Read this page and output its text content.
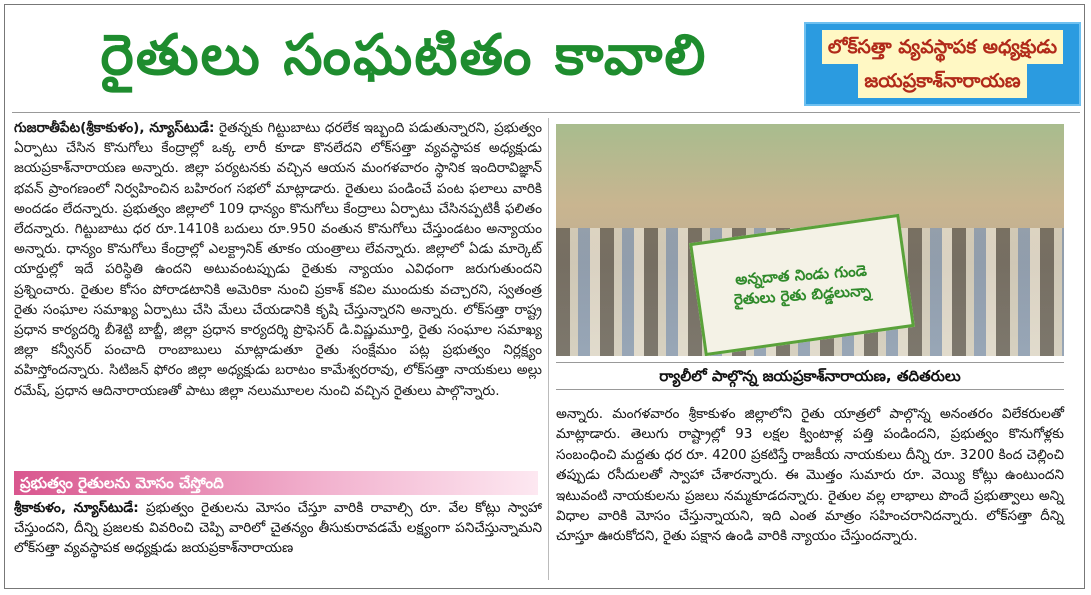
రైతులు సంఘటితం కావాలి	లోక్‌సత్తా వ్యవస్థాపక అధ్యక్షుడు
జయప్రకాశ్‌నారాయణ

గుజరాతీపేట(శ్రీకాకుళం), న్యూస్‌టుడే: రైతన్నకు గిట్టుబాటు ధరలేక ఇబ్బంది పడుతున్నారని, ప్రభుత్వం ఏర్పాటు చేసిన కొనుగోలు కేంద్రాల్లో ఒక్క లారీ కూడా కొనలేదని లోక్‌సత్తా వ్యవస్థాపక అధ్యక్షుడు జయప్రకాశ్‌నారాయణ అన్నారు. జిల్లా పర్యటనకు వచ్చిన ఆయన మంగళవారం స్థానిక ఇందిరావిజ్ఞాన్ భవన్ ప్రాంగణంలో నిర్వహించిన బహిరంగ సభలో మాట్లాడారు. రైతులు పండించే పంట ఫలాలు వారికి అందడం లేదన్నారు. ప్రభుత్వం జిల్లాలో 109 ధాన్యం కొనుగోలు కేంద్రాలు ఏర్పాటు చేసినప్పటికీ ఫలితం లేదన్నారు. గిట్టుబాటు ధర రూ.1410కి బదులు రూ.950 వంతున కొనుగోలు చేస్తుండటం అన్యాయం అన్నారు. ధాన్యం కొనుగోలు కేంద్రాల్లో ఎలక్ట్రానిక్ తూకం యంత్రాలు లేవన్నారు. జిల్లాలో ఏడు మార్కెట్ యార్డుల్లో ఇదే పరిస్థితి ఉందని అటువంటప్పుడు రైతుకు న్యాయం ఎవిధంగా జరుగుతుందని ప్రశ్నించారు. రైతుల కోసం పోరాడటానికి అమెరికా నుంచి ప్రకాశ్ కవిల ముందుకు వచ్చారని, స్వతంత్ర రైతు సంఘాల సమాఖ్య ఏర్పాటు చేసి మేలు చేయడానికి కృషి చేస్తున్నారని అన్నారు. లోక్‌సత్తా రాష్ట్ర ప్రధాన కార్యదర్శి బీశెట్టి బాబ్జీ, జిల్లా ప్రధాన కార్యదర్శి ప్రొఫెసర్ డి.విష్ణుమూర్తి, రైతు సంఘాల సమాఖ్య జిల్లా కన్వీనర్ పంచాది రాంబాబులు మాట్లాడుతూ రైతు సంక్షేమం పట్ల ప్రభుత్వం నిర్లక్ష్యం వహిస్తోందన్నారు. సిటిజన్ ఫోరం జిల్లా అధ్యక్షుడు బరాటం కామేశ్వరరావు, లోక్‌సత్తా నాయకులు అల్లు రమేష్, ప్రధాన ఆదినారాయణతో పాటు జిల్లా నలుమూలల నుంచి వచ్చిన రైతులు పాల్గొన్నారు.

అన్నదాత నిండు గుండె
రైతులు రైతు బిడ్డలున్నా
ర్యాలీలో పాల్గొన్న జయప్రకాశ్‌నారాయణ, తదితరులు

అన్నారు. మంగళవారం శ్రీకాకుళం జిల్లాలోని రైతు యాత్రలో పాల్గొన్న అనంతరం విలేకరులతో మాట్లాడారు. తెలుగు రాష్ట్రాల్లో 93 లక్షల క్వింటాళ్ల పత్తి పండిందని, ప్రభుత్వం కొనుగోళ్లకు సంబంధించి మద్దతు ధర రూ. 4200 ప్రకటిస్తే రాజకీయ నాయకులు దీన్ని రూ. 3200 కింద చెల్లించి తప్పుడు రసీదులతో స్వాహా చేశారన్నారు. ఈ మొత్తం సుమారు రూ. వెయ్యి కోట్లు ఉంటుందని ఇటువంటి నాయకులను ప్రజలు నమ్మకూడదన్నారు. రైతుల వల్ల లాభాలు పొందే ప్రభుత్వాలు అన్ని విధాల వారికి మోసం చేస్తున్నాయని, ఇది ఎంత మాత్రం సహించరానిదన్నారు. లోక్‌సత్తా దీన్ని చూస్తూ ఊరుకోదని, రైతు పక్షాన ఉండి వారికి న్యాయం చేస్తుందన్నారు.

ప్రభుత్వం రైతులను మోసం చేస్తోంది

శ్రీకాకుళం, న్యూస్‌టుడే: ప్రభుత్వం రైతులను మోసం చేస్తూ వారికి రావాల్సి రూ. వేల కోట్లు స్వాహా చేస్తుందని, దీన్ని ప్రజలకు వివరించి చెప్పి వారిలో చైతన్యం తీసుకురావడమే లక్ష్యంగా పనిచేస్తున్నామని లోక్‌సత్తా వ్యవస్థాపక అధ్యక్షుడు జయప్రకాశ్‌నారాయణ
